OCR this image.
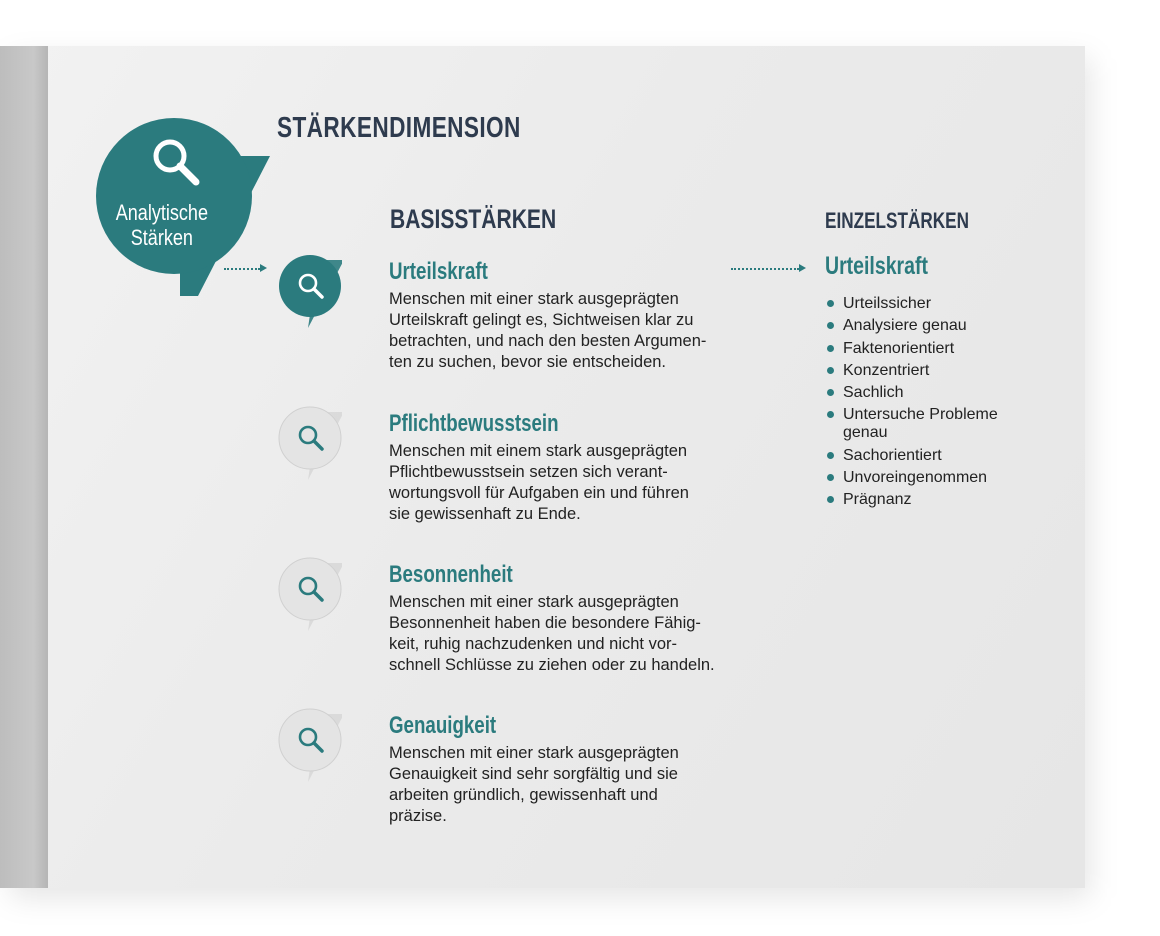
STÄRKENDIMENSION
Analytische
Stärken
BASISSTÄRKEN	EINZELSTÄRKEN
Urteilskraft
Menschen mit einer stark ausgeprägten
Urteilskraft gelingt es, Sichtweisen klar zu
betrachten, und nach den besten Argumen-
ten zu suchen, bevor sie entscheiden.
Pflichtbewusstsein
Menschen mit einem stark ausgeprägten
Pflichtbewusstsein setzen sich verant-
wortungsvoll für Aufgaben ein und führen
sie gewissenhaft zu Ende.
Besonnenheit
Menschen mit einer stark ausgeprägten
Besonnenheit haben die besondere Fähig-
keit, ruhig nachzudenken und nicht vor-
schnell Schlüsse zu ziehen oder zu handeln.
Genauigkeit
Menschen mit einer stark ausgeprägten
Genauigkeit sind sehr sorgfältig und sie
arbeiten gründlich, gewissenhaft und
präzise.
Urteilskraft
Urteilssicher
Analysiere genau
Faktenorientiert
Konzentriert
Sachlich
Untersuche Probleme genau
Sachorientiert
Unvoreingenommen
Prägnanz
